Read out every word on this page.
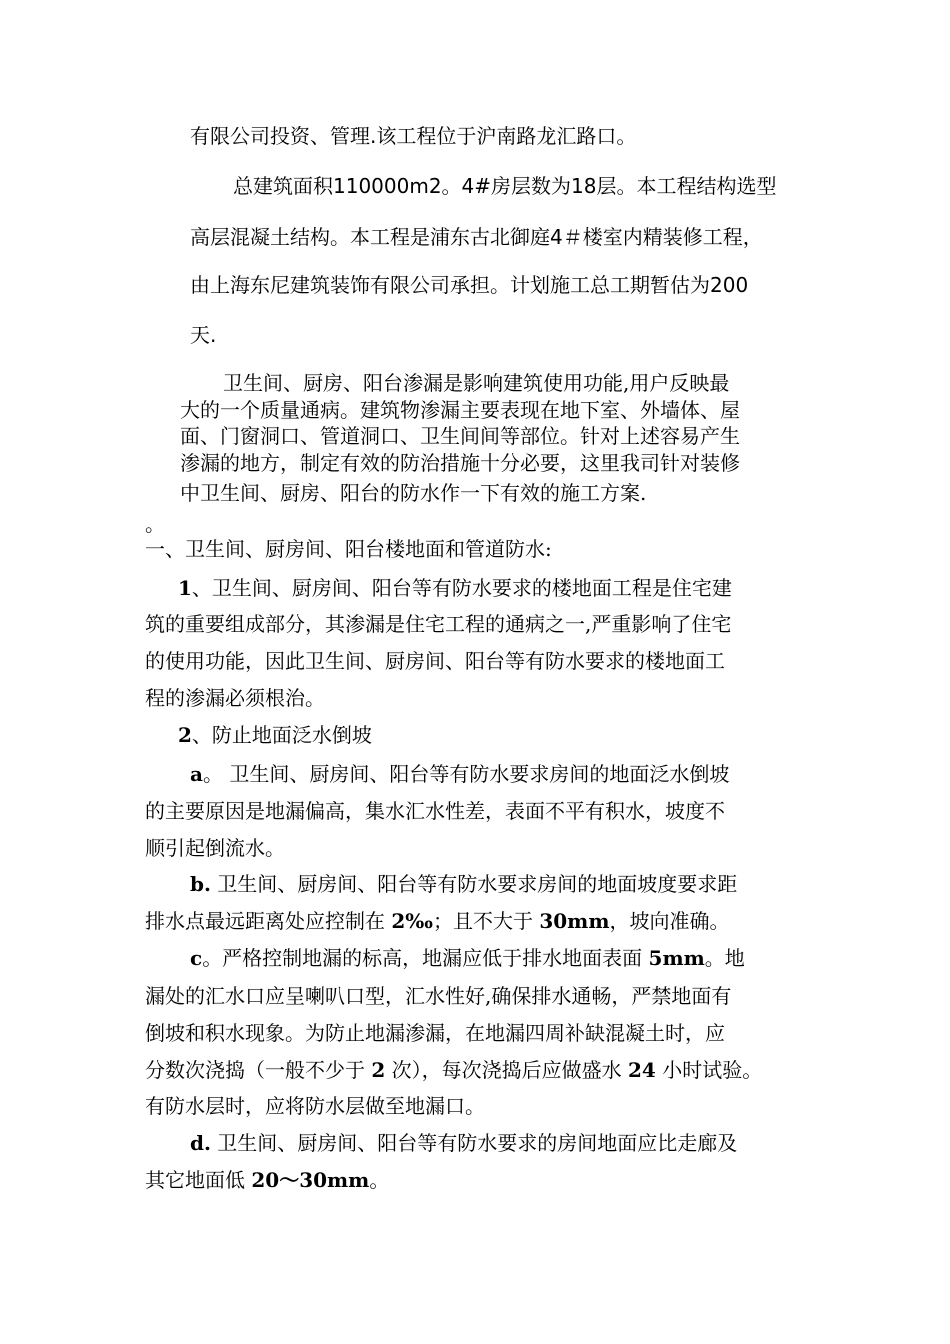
有限公司投资、管理.该工程位于沪南路龙汇路口。

总建筑面积110000m2。4#房层数为18层。本工程结构选型

高层混凝土结构。本工程是浦东古北御庭4＃楼室内精装修工程，

由上海东尼建筑装饰有限公司承担。计划施工总工期暂估为200

天.

卫生间、厨房、阳台渗漏是影响建筑使用功能,用户反映最

大的一个质量通病。建筑物渗漏主要表现在地下室、外墙体、屋

面、门窗洞口、管道洞口、卫生间间等部位。针对上述容易产生

渗漏的地方，制定有效的防治措施十分必要，这里我司针对装修

中卫生间、厨房、阳台的防水作一下有效的施工方案.

。

一、卫生间、厨房间、阳台楼地面和管道防水:

1、卫生间、厨房间、阳台等有防水要求的楼地面工程是住宅建

筑的重要组成部分，其渗漏是住宅工程的通病之一,严重影响了住宅

的使用功能，因此卫生间、厨房间、阳台等有防水要求的楼地面工

程的渗漏必须根治。

2、防止地面泛水倒坡

a。 卫生间、厨房间、阳台等有防水要求房间的地面泛水倒坡

的主要原因是地漏偏高，集水汇水性差，表面不平有积水，坡度不

顺引起倒流水。

b. 卫生间、厨房间、阳台等有防水要求房间的地面坡度要求距

排水点最远距离处应控制在 2‰；且不大于 30mm，坡向准确。

c。严格控制地漏的标高，地漏应低于排水地面表面 5mm。地

漏处的汇水口应呈喇叭口型，汇水性好,确保排水通畅，严禁地面有

倒坡和积水现象。为防止地漏渗漏，在地漏四周补缺混凝土时，应

分数次浇捣（一般不少于 2 次），每次浇捣后应做盛水 24 小时试验。

有防水层时，应将防水层做至地漏口。

d. 卫生间、厨房间、阳台等有防水要求的房间地面应比走廊及

其它地面低 20～30mm。
